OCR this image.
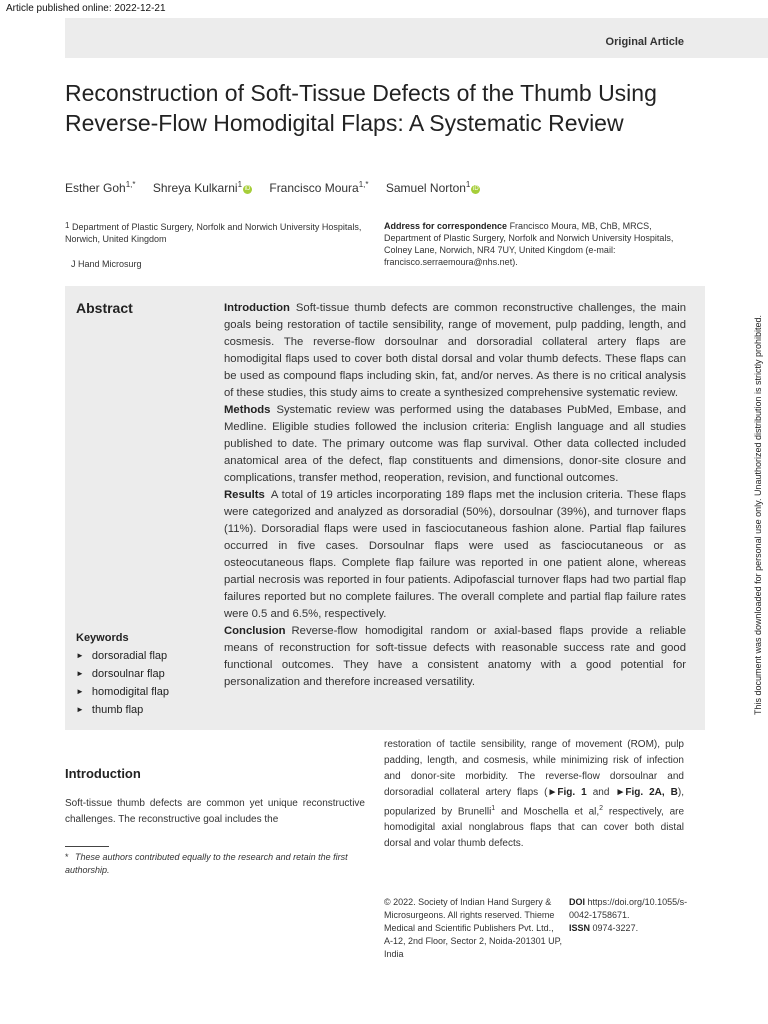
Article published online: 2022-12-21
Original Article
Reconstruction of Soft-Tissue Defects of the Thumb Using Reverse-Flow Homodigital Flaps: A Systematic Review
Esther Goh$^{1,*}$ Shreya Kulkarni$^1$ iD Francisco Moura$^{1,*}$ Samuel Norton$^1$ iD
1 Department of Plastic Surgery, Norfolk and Norwich University Hospitals, Norwich, United Kingdom
J Hand Microsurg
Address for correspondence Francisco Moura, MB, ChB, MRCS, Department of Plastic Surgery, Norfolk and Norwich University Hospitals, Colney Lane, Norwich, NR4 7UY, United Kingdom (e-mail: francisco.serraemoura@nhs.net).
Abstract
Keywords
► dorsoradial flap
► dorsoulnar flap
► homodigital flap
► thumb flap

Introduction Soft-tissue thumb defects are common reconstructive challenges, the main goals being restoration of tactile sensibility, range of movement, pulp padding, length, and cosmesis. The reverse-flow dorsoulnar and dorsoradial collateral artery flaps are homodigital flaps used to cover both distal dorsal and volar thumb defects. These flaps can be used as compound flaps including skin, fat, and/or nerves. As there is no critical analysis of these studies, this study aims to create a synthesized comprehensive systematic review.

Methods Systematic review was performed using the databases PubMed, Embase, and Medline. Eligible studies followed the inclusion criteria: English language and all studies published to date. The primary outcome was flap survival. Other data collected included anatomical area of the defect, flap constituents and dimensions, donor-site closure and complications, transfer method, reoperation, revision, and functional outcomes.

Results A total of 19 articles incorporating 189 flaps met the inclusion criteria. These flaps were categorized and analyzed as dorsoradial (50%), dorsoulnar (39%), and turnover flaps (11%). Dorsoradial flaps were used in fasciocutaneous fashion alone. Partial flap failures occurred in five cases. Dorsoulnar flaps were used as fasciocutaneous or as osteocutaneous flaps. Complete flap failure was reported in one patient alone, whereas partial necrosis was reported in four patients. Adipofascial turnover flaps had two partial flap failures reported but no complete failures. The overall complete and partial flap failure rates were 0.5 and 6.5%, respectively.

Conclusion Reverse-flow homodigital random or axial-based flaps provide a reliable means of reconstruction for soft-tissue defects with reasonable success rate and good functional outcomes. They have a consistent anatomy with a good potential for personalization and therefore increased versatility.	This document was downloaded for personal use only. Unauthorized distribution is strictly prohibited.
Introduction

Soft-tissue thumb defects are common yet unique reconstructive challenges. The reconstructive goal includes the

* These authors contributed equally to the research and retain the first authorship.

restoration of tactile sensibility, range of movement (ROM), pulp padding, length, and cosmesis, while minimizing risk of infection and donor-site morbidity. The reverse-flow dorsoulnar and dorsoradial collateral artery flaps (►Fig. 1 and ►Fig. 2A, B), popularized by Brunelli$^1$ and Moschella et al,$^2$ respectively, are homodigital axial nonglabrous flaps that can cover both distal dorsal and volar thumb defects.

© 2022. Society of Indian Hand Surgery & Microsurgeons. All rights reserved. Thieme Medical and Scientific Publishers Pvt. Ltd., A-12, 2nd Floor, Sector 2, Noida-201301 UP, India
DOI https://doi.org/10.1055/s-0042-1758671.
ISSN 0974-3227.
